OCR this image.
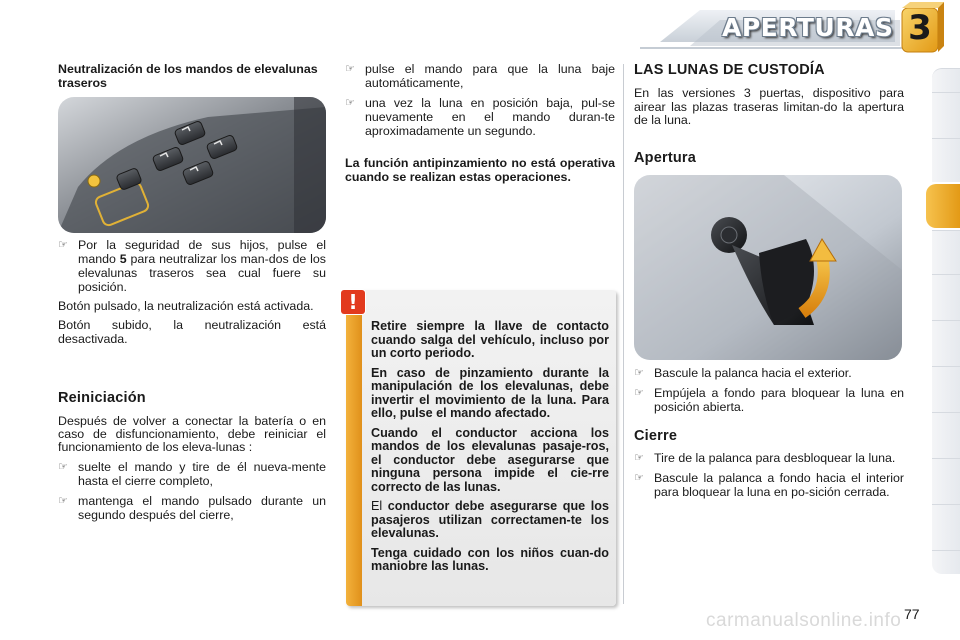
APERTURAS 3
Neutralización de los mandos de elevalunas traseros
☞ Por la seguridad de sus hijos, pulse el mando 5 para neutralizar los man-dos de los elevalunas traseros sea cual fuere su posición.
Botón pulsado, la neutralización está activada.
Botón subido, la neutralización está desactivada.
Reiniciación
Después de volver a conectar la batería o en caso de disfuncionamiento, debe reiniciar el funcionamiento de los eleva-lunas :
☞ suelte el mando y tire de él nueva-mente hasta el cierre completo,
☞ mantenga el mando pulsado durante un segundo después del cierre,
☞ pulse el mando para que la luna baje automáticamente,
☞ una vez la luna en posición baja, pul-se nuevamente en el mando duran-te aproximadamente un segundo.
La función antipinzamiento no está operativa cuando se realizan estas operaciones.
!
Retire siempre la llave de contacto cuando salga del vehículo, incluso por un corto periodo.
En caso de pinzamiento durante la manipulación de los elevalunas, debe invertir el movimiento de la luna. Para ello, pulse el mando afectado.
Cuando el conductor acciona los mandos de los elevalunas pasaje-ros, el conductor debe asegurarse que ninguna persona impide el cie-rre correcto de las lunas.
El conductor debe asegurarse que los pasajeros utilizan correctamen-te los elevalunas.
Tenga cuidado con los niños cuan-do maniobre las lunas.
LAS LUNAS DE CUSTODÍA
En las versiones 3 puertas, dispositivo para airear las plazas traseras limitan-do la apertura de la luna.
Apertura
☞ Bascule la palanca hacia el exterior.
☞ Empújela a fondo para bloquear la luna en posición abierta.
Cierre
☞ Tire de la palanca para desbloquear la luna.
☞ Bascule la palanca a fondo hacia el interior para bloquear la luna en po-sición cerrada.
carmanualsonline.info 77
